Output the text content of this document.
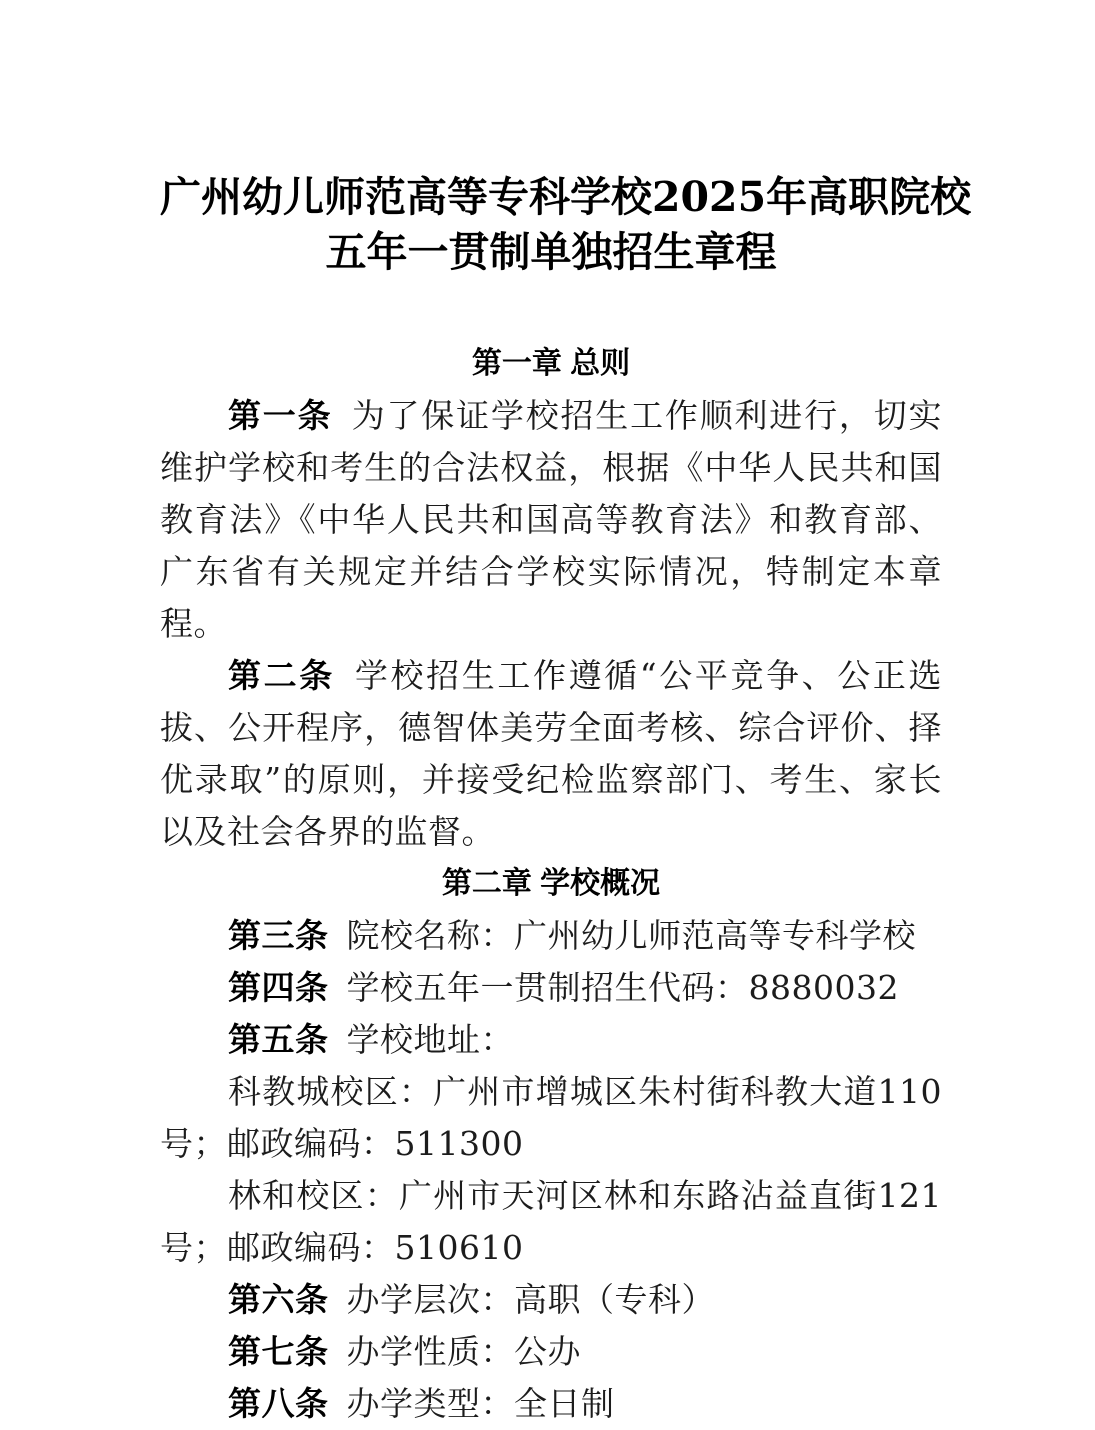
广州幼儿师范高等专科学校2025年高职院校
五年一贯制单独招生章程
第一章 总则

第一条 为了保证学校招生工作顺利进行，切实维护学校和考生的合法权益，根据《中华人民共和国教育法》《中华人民共和国高等教育法》和教育部、广东省有关规定并结合学校实际情况，特制定本章程。

第二条 学校招生工作遵循“公平竞争、公正选拔、公开程序，德智体美劳全面考核、综合评价、择优录取”的原则，并接受纪检监察部门、考生、家长以及社会各界的监督。

第二章 学校概况

第三条 院校名称：广州幼儿师范高等专科学校

第四条 学校五年一贯制招生代码：8880032

第五条 学校地址：

科教城校区：广州市增城区朱村街科教大道110号；邮政编码：511300

林和校区：广州市天河区林和东路沾益直街121号；邮政编码：510610

第六条 办学层次：高职（专科）

第七条 办学性质：公办

第八条 办学类型：全日制
